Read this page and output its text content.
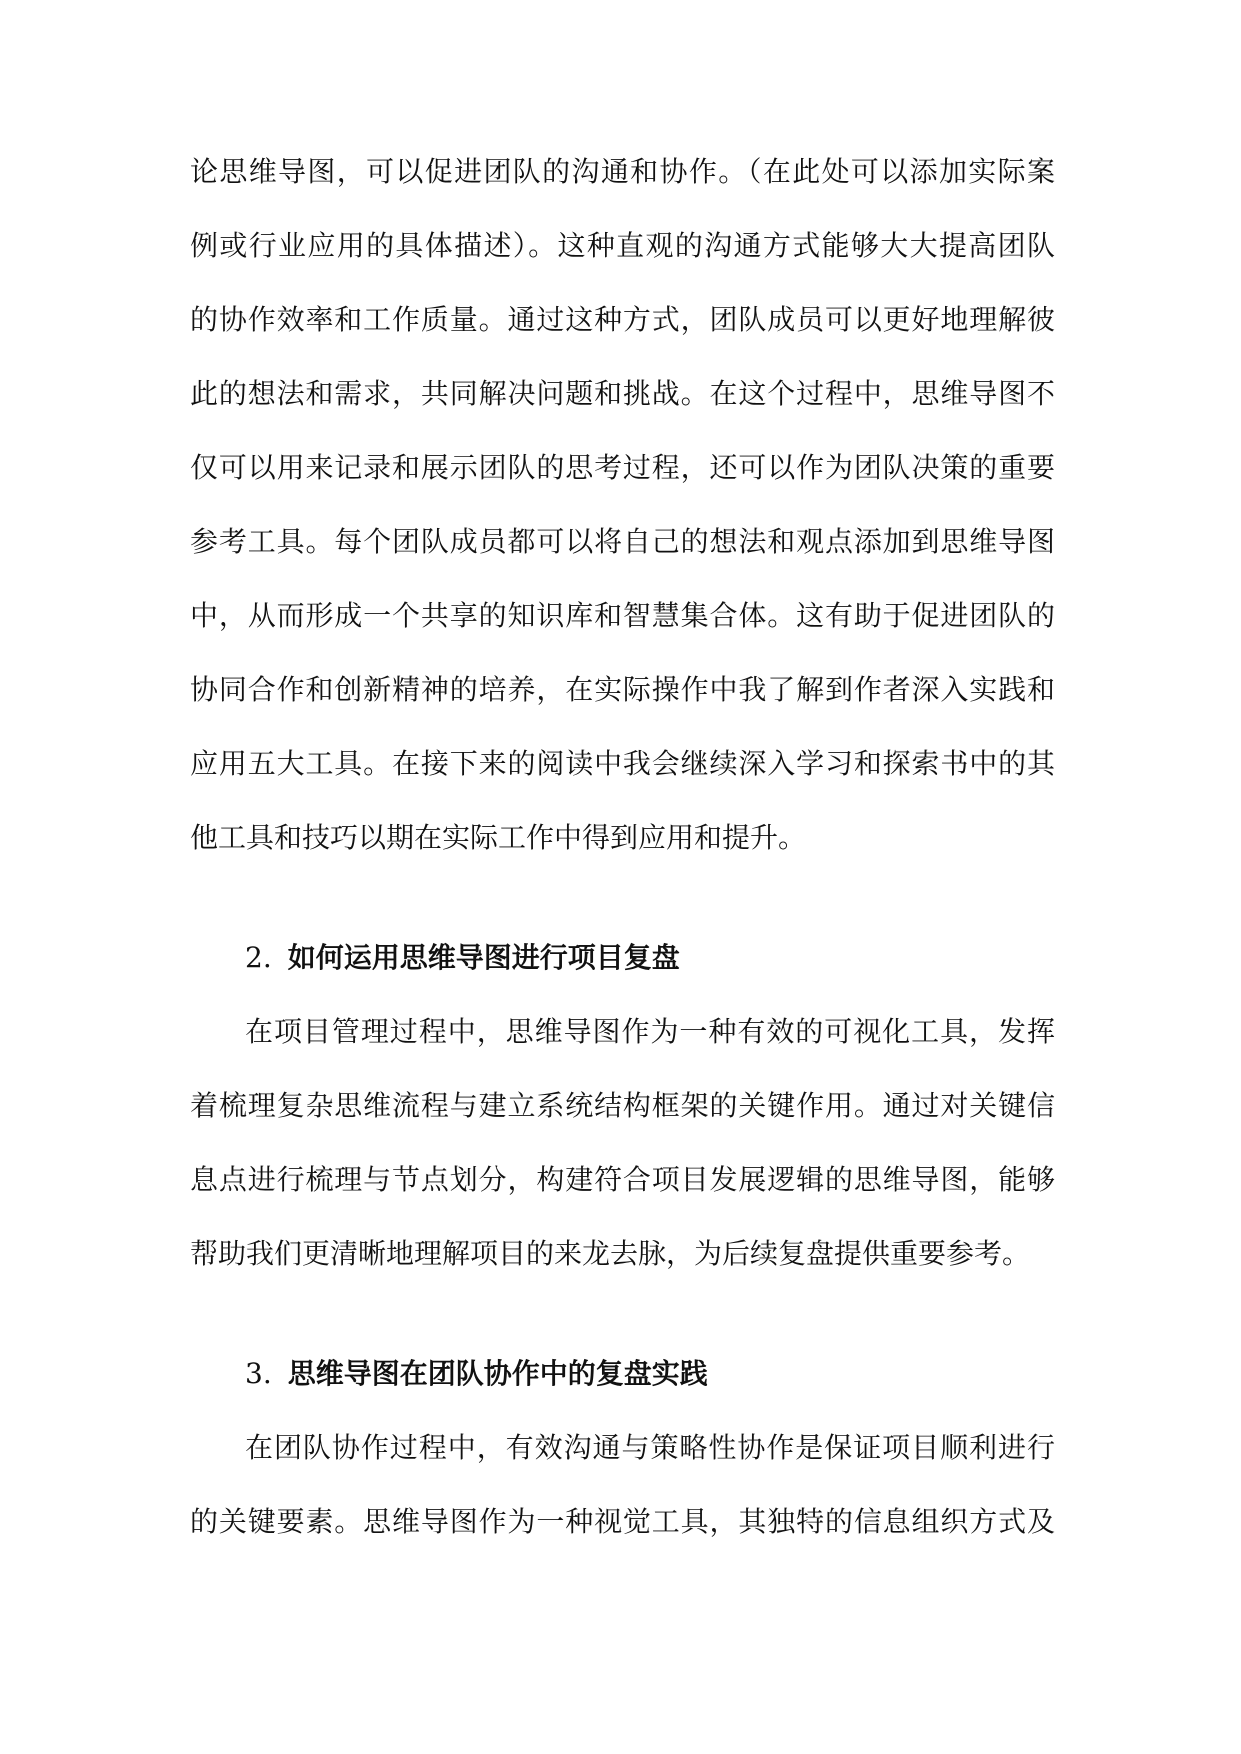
论思维导图，可以促进团队的沟通和协作。（在此处可以添加实际案
例或行业应用的具体描述）。这种直观的沟通方式能够大大提高团队
的协作效率和工作质量。通过这种方式，团队成员可以更好地理解彼
此的想法和需求，共同解决问题和挑战。在这个过程中，思维导图不
仅可以用来记录和展示团队的思考过程，还可以作为团队决策的重要
参考工具。每个团队成员都可以将自己的想法和观点添加到思维导图
中，从而形成一个共享的知识库和智慧集合体。这有助于促进团队的
协同合作和创新精神的培养，在实际操作中我了解到作者深入实践和
应用五大工具。在接下来的阅读中我会继续深入学习和探索书中的其
他工具和技巧以期在实际工作中得到应用和提升。
2. 如何运用思维导图进行项目复盘
在项目管理过程中，思维导图作为一种有效的可视化工具，发挥
着梳理复杂思维流程与建立系统结构框架的关键作用。通过对关键信
息点进行梳理与节点划分，构建符合项目发展逻辑的思维导图，能够
帮助我们更清晰地理解项目的来龙去脉，为后续复盘提供重要参考。
3. 思维导图在团队协作中的复盘实践
在团队协作过程中，有效沟通与策略性协作是保证项目顺利进行
的关键要素。思维导图作为一种视觉工具，其独特的信息组织方式及
